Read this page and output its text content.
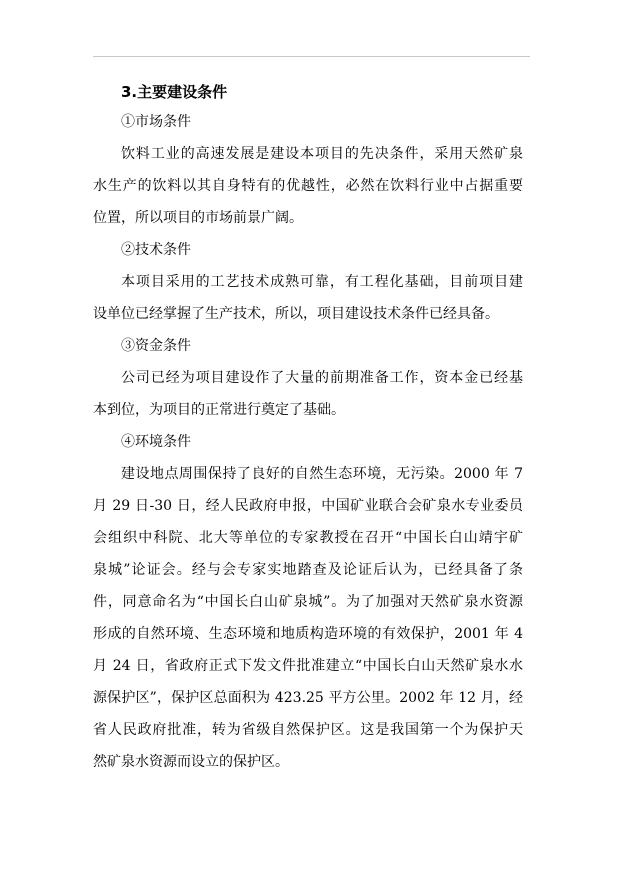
3.主要建设条件
①市场条件
饮料工业的高速发展是建设本项目的先决条件，采用天然矿泉
水生产的饮料以其自身特有的优越性，必然在饮料行业中占据重要
位置，所以项目的市场前景广阔。
②技术条件
本项目采用的工艺技术成熟可靠，有工程化基础，目前项目建
设单位已经掌握了生产技术，所以，项目建设技术条件已经具备。
③资金条件
公司已经为项目建设作了大量的前期准备工作，资本金已经基
本到位，为项目的正常进行奠定了基础。
④环境条件
建设地点周围保持了良好的自然生态环境，无污染。2000 年 7
月 29 日-30 日，经人民政府申报，中国矿业联合会矿泉水专业委员
会组织中科院、北大等单位的专家教授在召开“中国长白山靖宇矿
泉城”论证会。经与会专家实地踏查及论证后认为，已经具备了条
件，同意命名为“中国长白山矿泉城”。为了加强对天然矿泉水资源
形成的自然环境、生态环境和地质构造环境的有效保护，2001 年 4
月 24 日，省政府正式下发文件批准建立“中国长白山天然矿泉水水
源保护区”，保护区总面积为 423.25 平方公里。2002 年 12 月，经
省人民政府批准，转为省级自然保护区。这是我国第一个为保护天
然矿泉水资源而设立的保护区。
